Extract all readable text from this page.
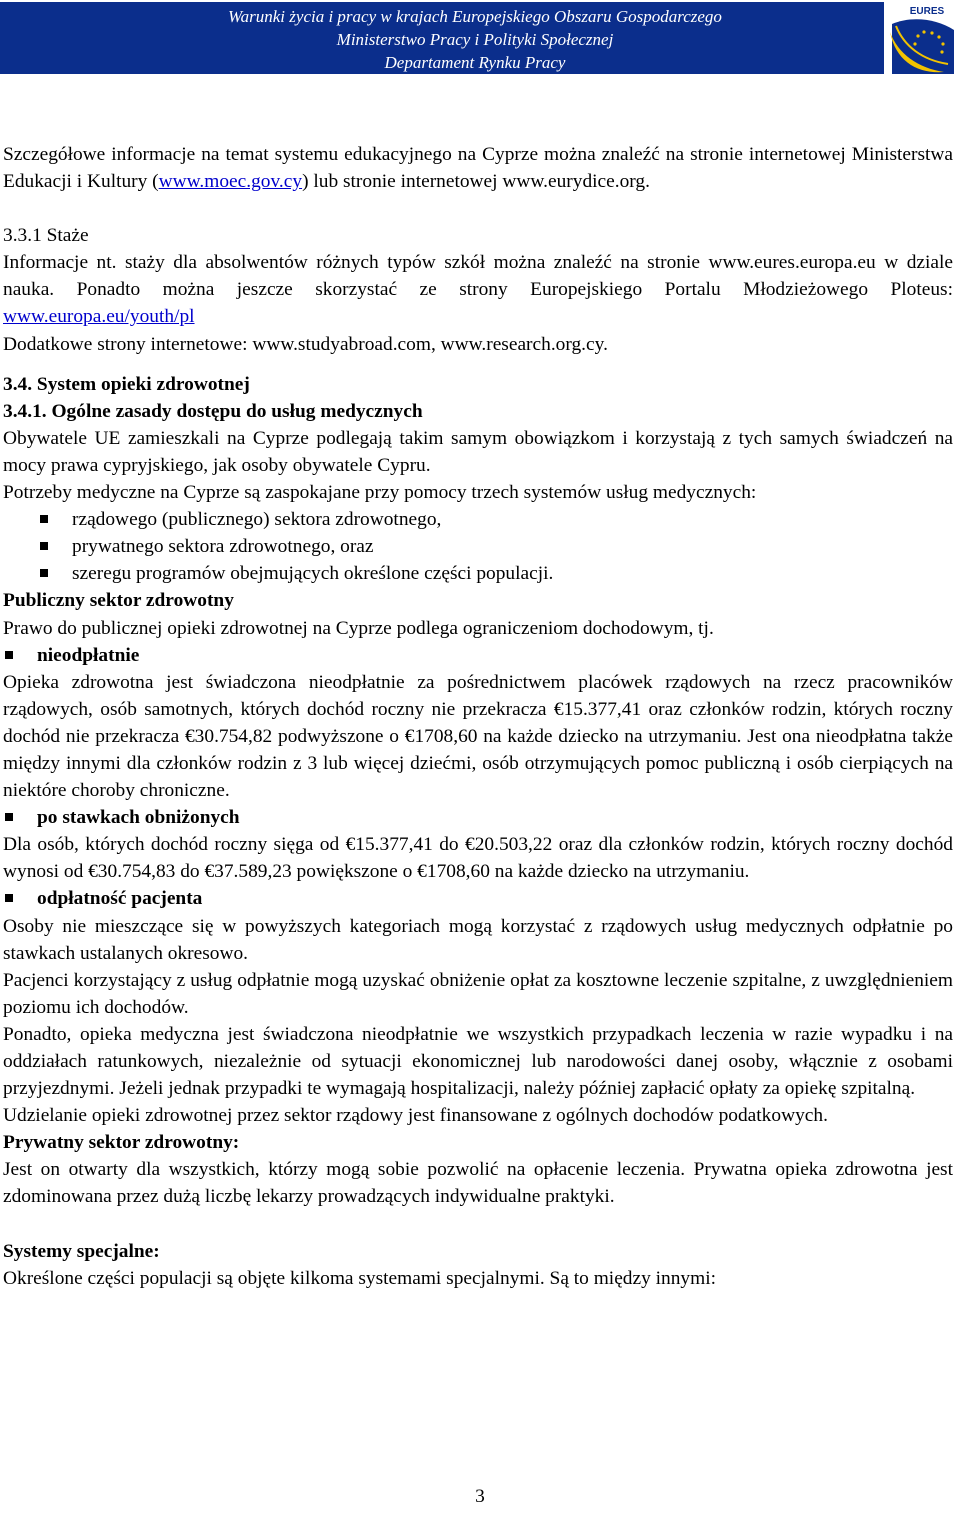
Warunki życia i pracy w krajach Europejskiego Obszaru Gospodarczego
Ministerstwo Pracy i Polityki Społecznej
Departament Rynku Pracy
EURES

Szczegółowe informacje na temat systemu edukacyjnego na Cyprze można znaleźć na stronie internetowej Ministerstwa Edukacji i Kultury (www.moec.gov.cy) lub stronie internetowej www.eurydice.org.

3.3.1 Staże

Informacje nt. staży dla absolwentów różnych typów szkół można znaleźć na stronie www.eures.europa.eu w dziale nauka. Ponadto można jeszcze skorzystać ze strony Europejskiego Portalu Młodzieżowego Ploteus: www.europa.eu/youth/pl

Dodatkowe strony internetowe: www.studyabroad.com, www.research.org.cy.

3.4. System opieki zdrowotnej

3.4.1. Ogólne zasady dostępu do usług medycznych

Obywatele UE zamieszkali na Cyprze podlegają takim samym obowiązkom i korzystają z tych samych świadczeń na mocy prawa cypryjskiego, jak osoby obywatele Cypru.

Potrzeby medyczne na Cyprze są zaspokajane przy pomocy trzech systemów usług medycznych:

rządowego (publicznego) sektora zdrowotnego,

prywatnego sektora zdrowotnego, oraz

szeregu programów obejmujących określone części populacji.

Publiczny sektor zdrowotny

Prawo do publicznej opieki zdrowotnej na Cyprze podlega ograniczeniom dochodowym, tj.

nieodpłatnie

Opieka zdrowotna jest świadczona nieodpłatnie za pośrednictwem placówek rządowych na rzecz pracowników rządowych, osób samotnych, których dochód roczny nie przekracza €15.377,41 oraz członków rodzin, których roczny dochód nie przekracza €30.754,82 podwyższone o €1708,60 na każde dziecko na utrzymaniu. Jest ona nieodpłatna także między innymi dla członków rodzin z 3 lub więcej dziećmi, osób otrzymujących pomoc publiczną i osób cierpiących na niektóre choroby chroniczne.

po stawkach obniżonych

Dla osób, których dochód roczny sięga od €15.377,41 do €20.503,22 oraz dla członków rodzin, których roczny dochód wynosi od €30.754,83 do €37.589,23 powiększone o €1708,60 na każde dziecko na utrzymaniu.

odpłatność pacjenta

Osoby nie mieszczące się w powyższych kategoriach mogą korzystać z rządowych usług medycznych odpłatnie po stawkach ustalanych okresowo.

Pacjenci korzystający z usług odpłatnie mogą uzyskać obniżenie opłat za kosztowne leczenie szpitalne, z uwzględnieniem poziomu ich dochodów.

Ponadto, opieka medyczna jest świadczona nieodpłatnie we wszystkich przypadkach leczenia w razie wypadku i na oddziałach ratunkowych, niezależnie od sytuacji ekonomicznej lub narodowości danej osoby, włącznie z osobami przyjezdnymi. Jeżeli jednak przypadki te wymagają hospitalizacji, należy później zapłacić opłaty za opiekę szpitalną.

Udzielanie opieki zdrowotnej przez sektor rządowy jest finansowane z ogólnych dochodów podatkowych.

Prywatny sektor zdrowotny:

Jest on otwarty dla wszystkich, którzy mogą sobie pozwolić na opłacenie leczenia. Prywatna opieka zdrowotna jest zdominowana przez dużą liczbę lekarzy prowadzących indywidualne praktyki.

Systemy specjalne:

Określone części populacji są objęte kilkoma systemami specjalnymi. Są to między innymi:

3
